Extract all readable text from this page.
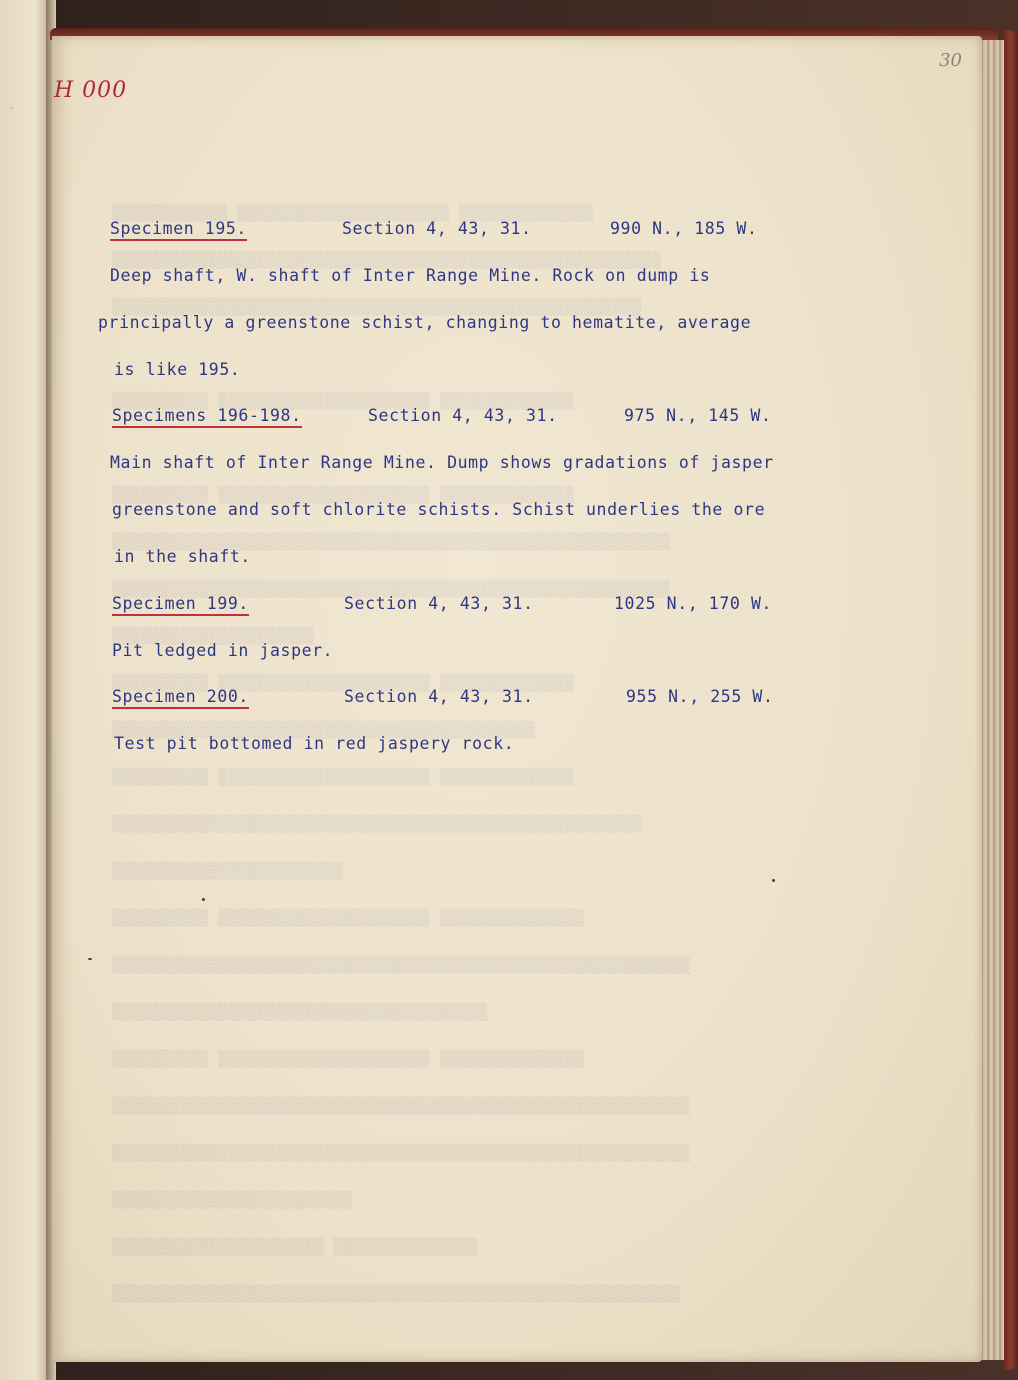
.
▒▒▒▒▒▒▒▒▒▒▒▒ ▒▒▒▒▒▒▒▒▒▒▒▒▒▒▒▒▒▒▒▒▒▒ ▒▒▒▒▒▒▒▒▒▒▒▒▒▒
▒▒▒▒▒▒▒▒▒▒▒▒▒▒▒▒▒▒▒▒▒▒▒▒▒▒▒▒▒▒▒▒▒▒▒▒▒▒▒▒▒▒▒▒▒▒▒▒▒▒▒▒▒▒▒▒▒
▒▒▒▒▒▒▒▒▒▒▒▒▒▒▒▒▒▒▒▒▒▒▒▒▒▒▒▒▒▒▒▒▒▒▒▒▒▒▒▒▒▒▒▒▒▒▒▒▒▒▒▒▒▒▒
▒▒▒▒▒▒▒▒▒▒ ▒▒▒▒▒▒▒▒▒▒▒▒▒▒▒▒▒▒▒▒▒▒ ▒▒▒▒▒▒▒▒▒▒▒▒▒▒
▒▒▒▒▒▒▒▒▒▒ ▒▒▒▒▒▒▒▒▒▒▒▒▒▒▒▒▒▒▒▒▒▒ ▒▒▒▒▒▒▒▒▒▒▒▒▒▒
▒▒▒▒▒▒▒▒▒▒▒▒▒▒▒▒▒▒▒▒▒▒▒▒▒▒▒▒▒▒▒▒▒▒▒▒▒▒▒▒▒▒▒▒▒▒▒▒▒▒▒▒▒▒▒▒▒▒
▒▒▒▒▒▒▒▒▒▒▒▒▒▒▒▒▒▒▒▒▒▒▒▒▒▒▒▒▒▒▒▒▒▒▒▒▒▒▒▒▒▒▒▒▒▒▒▒▒▒▒▒▒▒▒▒▒▒
▒▒▒▒▒▒▒▒▒▒▒▒▒▒▒▒▒▒▒▒▒
▒▒▒▒▒▒▒▒▒▒ ▒▒▒▒▒▒▒▒▒▒▒▒▒▒▒▒▒▒▒▒▒▒ ▒▒▒▒▒▒▒▒▒▒▒▒▒▒
▒▒▒▒▒▒▒▒▒▒▒▒▒▒▒▒▒▒▒▒▒▒▒▒▒▒▒▒▒▒▒▒▒▒▒▒▒▒▒▒▒▒▒▒
▒▒▒▒▒▒▒▒▒▒ ▒▒▒▒▒▒▒▒▒▒▒▒▒▒▒▒▒▒▒▒▒▒ ▒▒▒▒▒▒▒▒▒▒▒▒▒▒
▒▒▒▒▒▒▒▒▒▒▒▒▒▒▒▒▒▒▒▒▒▒▒▒▒▒▒▒▒▒▒▒▒▒▒▒▒▒▒▒▒▒▒▒▒▒▒▒▒▒▒▒▒▒▒
▒▒▒▒▒▒▒▒▒▒▒▒▒▒▒▒▒▒▒▒▒▒▒▒
▒▒▒▒▒▒▒▒▒▒ ▒▒▒▒▒▒▒▒▒▒▒▒▒▒▒▒▒▒▒▒▒▒ ▒▒▒▒▒▒▒▒▒▒▒▒▒▒▒
▒▒▒▒▒▒▒▒▒▒▒▒▒▒▒▒▒▒▒▒▒▒▒▒▒▒▒▒▒▒▒▒▒▒▒▒▒▒▒▒▒▒▒▒▒▒▒▒▒▒▒▒▒▒▒▒▒▒▒▒
▒▒▒▒▒▒▒▒▒▒▒▒▒▒▒▒▒▒▒▒▒▒▒▒▒▒▒▒▒▒▒▒▒▒▒▒▒▒▒
▒▒▒▒▒▒▒▒▒▒ ▒▒▒▒▒▒▒▒▒▒▒▒▒▒▒▒▒▒▒▒▒▒ ▒▒▒▒▒▒▒▒▒▒▒▒▒▒▒
▒▒▒▒▒▒▒▒▒▒▒▒▒▒▒▒▒▒▒▒▒▒▒▒▒▒▒▒▒▒▒▒▒▒▒▒▒▒▒▒▒▒▒▒▒▒▒▒▒▒▒▒▒▒▒▒▒▒▒▒
▒▒▒▒▒▒▒▒▒▒▒▒▒▒▒▒▒▒▒▒▒▒▒▒▒▒▒▒▒▒▒▒▒▒▒▒▒▒▒▒▒▒▒▒▒▒▒▒▒▒▒▒▒▒▒▒▒▒▒▒
▒▒▒▒▒▒▒▒▒▒▒▒▒▒▒▒▒▒▒▒▒▒▒▒▒
▒▒▒▒▒▒▒▒▒▒▒▒▒▒▒▒▒▒▒▒▒▒ ▒▒▒▒▒▒▒▒▒▒▒▒▒▒▒
▒▒▒▒▒▒▒▒▒▒▒▒▒▒▒▒▒▒▒▒▒▒▒▒▒▒▒▒▒▒▒▒▒▒▒▒▒▒▒▒▒▒▒▒▒▒▒▒▒▒▒▒▒▒▒▒▒▒▒
H 000
30
Specimen 195.	Section 4, 43, 31.	990 N., 185 W.
Deep shaft, W. shaft of Inter Range Mine. Rock on dump is
principally a greenstone schist, changing to hematite, average
is like 195.
Specimens 196-198.	Section 4, 43, 31.	975 N., 145 W.
Main shaft of Inter Range Mine. Dump shows gradations of jasper
greenstone and soft chlorite schists. Schist underlies the ore
in the shaft.
Specimen 199.	Section 4, 43, 31.	1025 N., 170 W.
Pit ledged in jasper.
Specimen 200.	Section 4, 43, 31.	955 N., 255 W.
Test pit bottomed in red jaspery rock.
